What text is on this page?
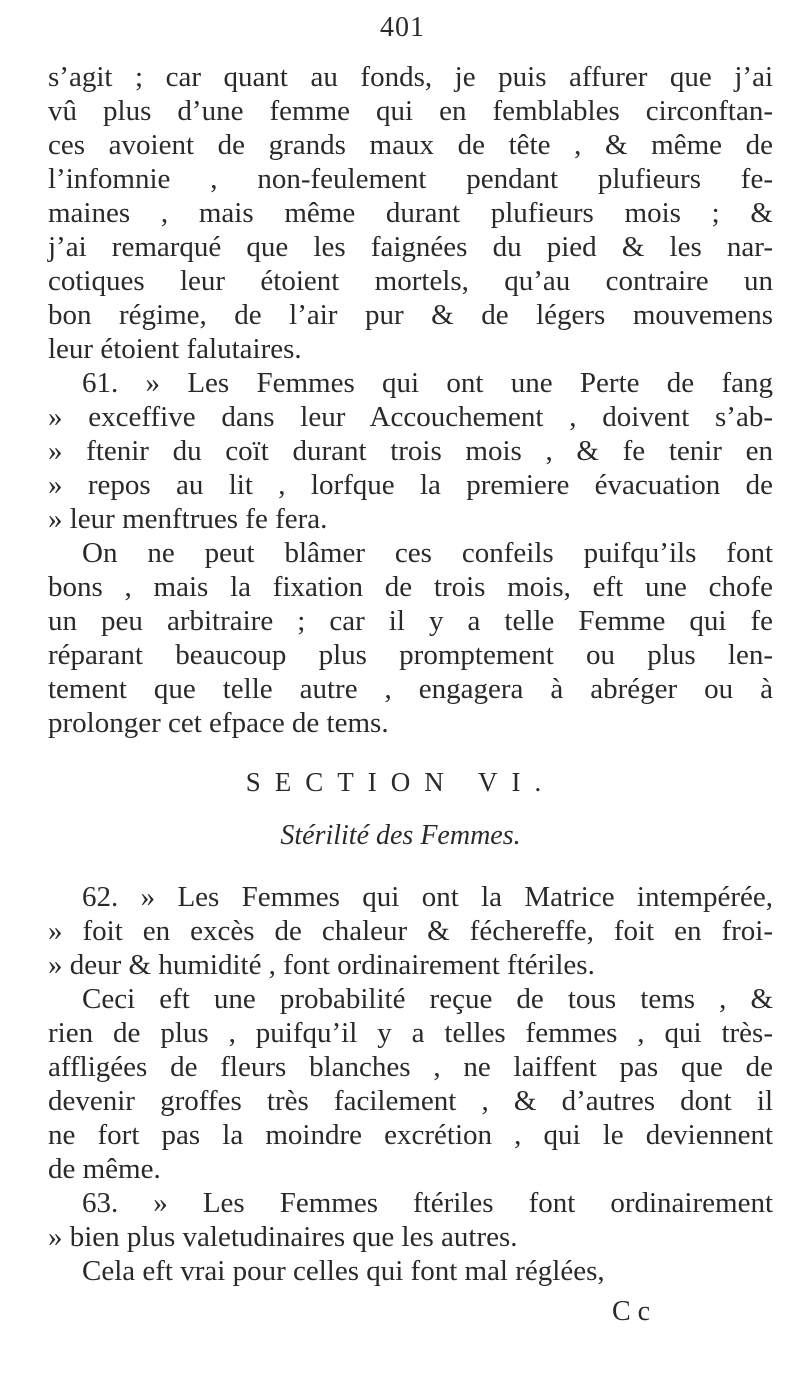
401
s’agit ; car quant au fonds, je puis affurer que j’ai
vû plus d’une femme qui en femblables circonftan-
ces avoient de grands maux de tête , & même de
l’infomnie , non-feulement pendant plufieurs fe-
maines , mais même durant plufieurs mois ; &
j’ai remarqué que les faignées du pied & les nar-
cotiques leur étoient mortels, qu’au contraire un
bon régime, de l’air pur & de légers mouvemens
leur étoient falutaires.
61. » Les Femmes qui ont une Perte de fang
» exceffive dans leur Accouchement , doivent s’ab-
» ftenir du coït durant trois mois , & fe tenir en
» repos au lit , lorfque la premiere évacuation de
» leur menftrues fe fera.
On ne peut blâmer ces confeils puifqu’ils font
bons , mais la fixation de trois mois, eft une chofe
un peu arbitraire ; car il y a telle Femme qui fe
réparant beaucoup plus promptement ou plus len-
tement que telle autre , engagera à abréger ou à
prolonger cet efpace de tems.
SECTION VI.
Stérilité des Femmes.
62. » Les Femmes qui ont la Matrice intempérée,
» foit en excès de chaleur & féchereffe, foit en froi-
» deur & humidité , font ordinairement ftériles.
Ceci eft une probabilité reçue de tous tems , &
rien de plus , puifqu’il y a telles femmes , qui très-
affligées de fleurs blanches , ne laiffent pas que de
devenir groffes très facilement , & d’autres dont il
ne fort pas la moindre excrétion , qui le deviennent
de même.
63. » Les Femmes ftériles font ordinairement
» bien plus valetudinaires que les autres.
Cela eft vrai pour celles qui font mal réglées,
C c
